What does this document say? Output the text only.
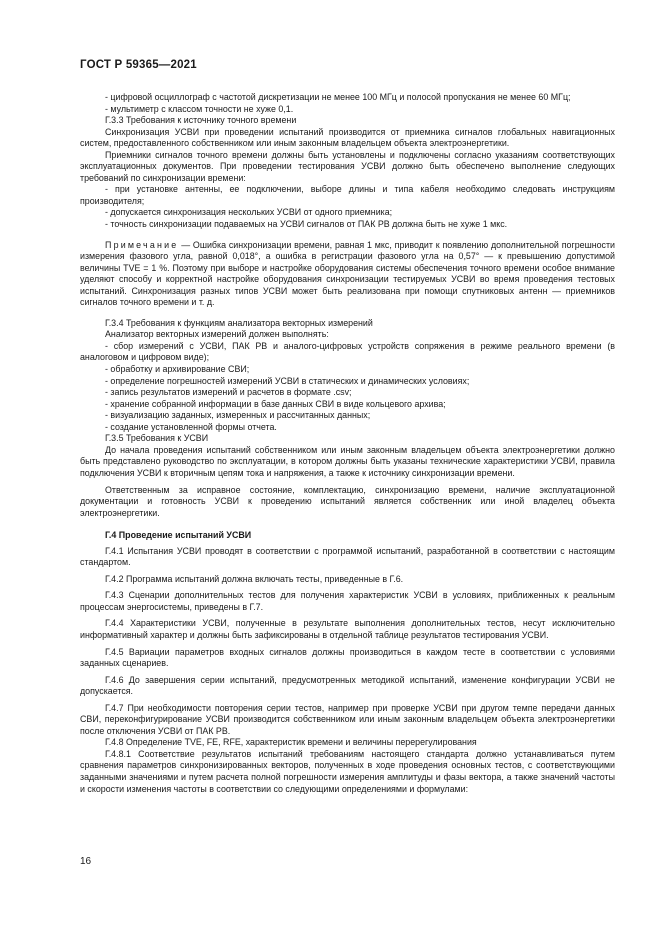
ГОСТ Р 59365—2021

- цифровой осциллограф с частотой дискретизации не менее 100 МГц и полосой пропускания не менее 60 МГц;

- мультиметр с классом точности не хуже 0,1.

Г.3.3 Требования к источнику точного времени

Синхронизация УСВИ при проведении испытаний производится от приемника сигналов глобальных навигационных систем, предоставленного собственником или иным законным владельцем объекта электроэнергетики.

Приемники сигналов точного времени должны быть установлены и подключены согласно указаниям соответствующих эксплуатационных документов. При проведении тестирования УСВИ должно быть обеспечено выполнение следующих требований по синхронизации времени:

- при установке антенны, ее подключении, выборе длины и типа кабеля необходимо следовать инструкциям производителя;

- допускается синхронизация нескольких УСВИ от одного приемника;

- точность синхронизации подаваемых на УСВИ сигналов от ПАК РВ должна быть не хуже 1 мкс.

Примечание — Ошибка синхронизации времени, равная 1 мкс, приводит к появлению дополнительной погрешности измерения фазового угла, равной 0,018°, а ошибка в регистрации фазового угла на 0,57° — к превышению допустимой величины TVE = 1 %. Поэтому при выборе и настройке оборудования системы обеспечения точного времени особое внимание уделяют способу и корректной настройке оборудования синхронизации тестируемых УСВИ во время проведения тестовых испытаний. Синхронизация разных типов УСВИ может быть реализована при помощи спутниковых антенн — приемников сигналов точного времени и т. д.

Г.3.4 Требования к функциям анализатора векторных измерений

Анализатор векторных измерений должен выполнять:

- сбор измерений с УСВИ, ПАК РВ и аналого-цифровых устройств сопряжения в режиме реального времени (в аналоговом и цифровом виде);

- обработку и архивирование СВИ;

- определение погрешностей измерений УСВИ в статических и динамических условиях;

- запись результатов измерений и расчетов в формате .csv;

- хранение собранной информации в базе данных СВИ в виде кольцевого архива;

- визуализацию заданных, измеренных и рассчитанных данных;

- создание установленной формы отчета.

Г.3.5 Требования к УСВИ

До начала проведения испытаний собственником или иным законным владельцем объекта электроэнергетики должно быть представлено руководство по эксплуатации, в котором должны быть указаны технические характеристики УСВИ, правила подключения УСВИ к вторичным цепям тока и напряжения, а также к источнику синхронизации времени.

Ответственным за исправное состояние, комплектацию, синхронизацию времени, наличие эксплуатационной документации и готовность УСВИ к проведению испытаний является собственник или иной владелец объекта электроэнергетики.

Г.4 Проведение испытаний УСВИ

Г.4.1 Испытания УСВИ проводят в соответствии с программой испытаний, разработанной в соответствии с настоящим стандартом.

Г.4.2 Программа испытаний должна включать тесты, приведенные в Г.6.

Г.4.3 Сценарии дополнительных тестов для получения характеристик УСВИ в условиях, приближенных к реальным процессам энергосистемы, приведены в Г.7.

Г.4.4 Характеристики УСВИ, полученные в результате выполнения дополнительных тестов, несут исключительно информативный характер и должны быть зафиксированы в отдельной таблице результатов тестирования УСВИ.

Г.4.5 Вариации параметров входных сигналов должны производиться в каждом тесте в соответствии с условиями заданных сценариев.

Г.4.6 До завершения серии испытаний, предусмотренных методикой испытаний, изменение конфигурации УСВИ не допускается.

Г.4.7 При необходимости повторения серии тестов, например при проверке УСВИ при другом темпе передачи данных СВИ, переконфигурирование УСВИ производится собственником или иным законным владельцем объекта электроэнергетики после отключения УСВИ от ПАК РВ.

Г.4.8 Определение TVE, FE, RFE, характеристик времени и величины перерегулирования

Г.4.8.1 Соответствие результатов испытаний требованиям настоящего стандарта должно устанавливаться путем сравнения параметров синхронизированных векторов, полученных в ходе проведения основных тестов, с соответствующими заданными значениями и путем расчета полной погрешности измерения амплитуды и фазы вектора, а также значений частоты и скорости изменения частоты в соответствии со следующими определениями и формулами:

16
